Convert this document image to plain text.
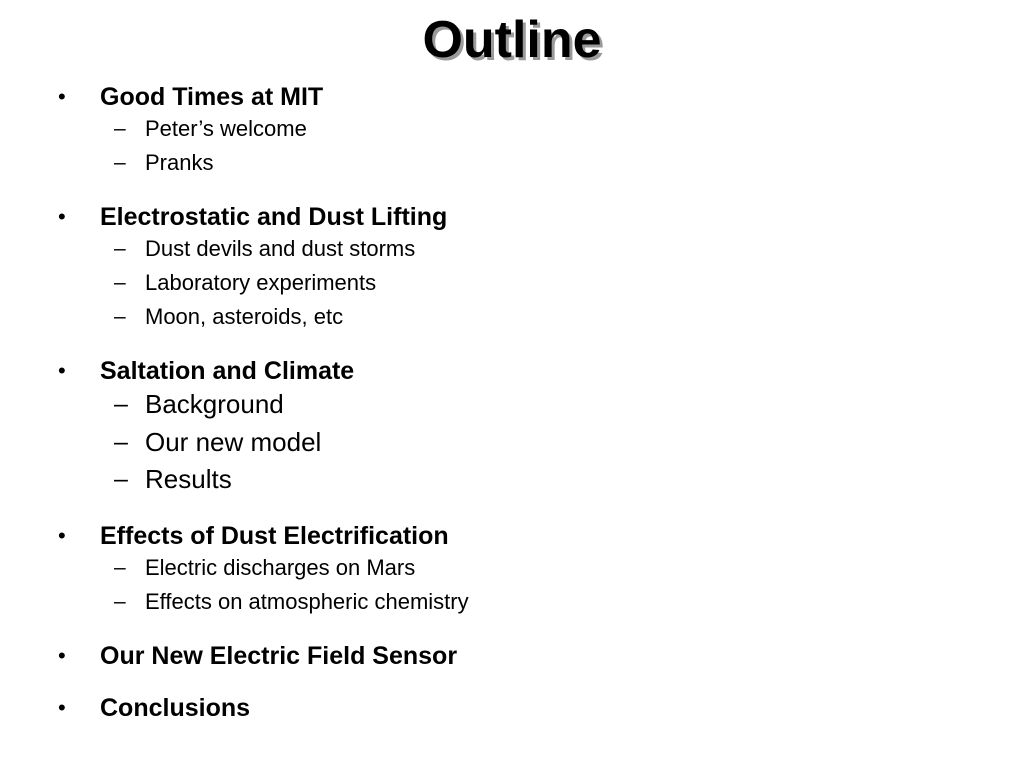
Outline
• Good Times at MIT
– Peter’s welcome
– Pranks
• Electrostatic and Dust Lifting
– Dust devils and dust storms
– Laboratory experiments
– Moon, asteroids, etc
• Saltation and Climate
– Background
– Our new model
– Results
• Effects of Dust Electrification
– Electric discharges on Mars
– Effects on atmospheric chemistry
• Our New Electric Field Sensor
• Conclusions
